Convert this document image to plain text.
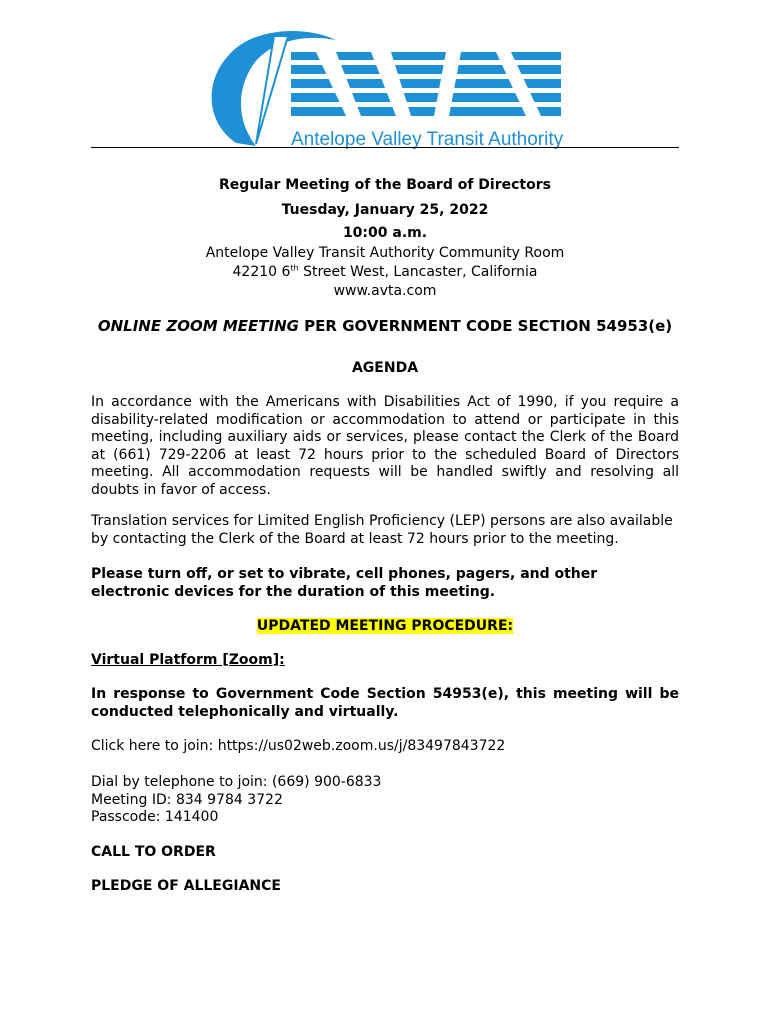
Antelope Valley Transit Authority
Regular Meeting of the Board of Directors
Tuesday, January 25, 2022
10:00 a.m.
Antelope Valley Transit Authority Community Room
42210 6th Street West, Lancaster, California
www.avta.com
ONLINE ZOOM MEETING PER GOVERNMENT CODE SECTION 54953(e)
AGENDA
In accordance with the Americans with Disabilities Act of 1990, if you require a disability-related modification or accommodation to attend or participate in this meeting, including auxiliary aids or services, please contact the Clerk of the Board at (661) 729-2206 at least 72 hours prior to the scheduled Board of Directors meeting. All accommodation requests will be handled swiftly and resolving all doubts in favor of access.
Translation services for Limited English Proficiency (LEP) persons are also available by contacting the Clerk of the Board at least 72 hours prior to the meeting.
Please turn off, or set to vibrate, cell phones, pagers, and other electronic devices for the duration of this meeting.
UPDATED MEETING PROCEDURE:
Virtual Platform [Zoom]:
In response to Government Code Section 54953(e), this meeting will be conducted telephonically and virtually.
Click here to join: https://us02web.zoom.us/j/83497843722
Dial by telephone to join: (669) 900-6833
Meeting ID: 834 9784 3722
Passcode: 141400
CALL TO ORDER
PLEDGE OF ALLEGIANCE
